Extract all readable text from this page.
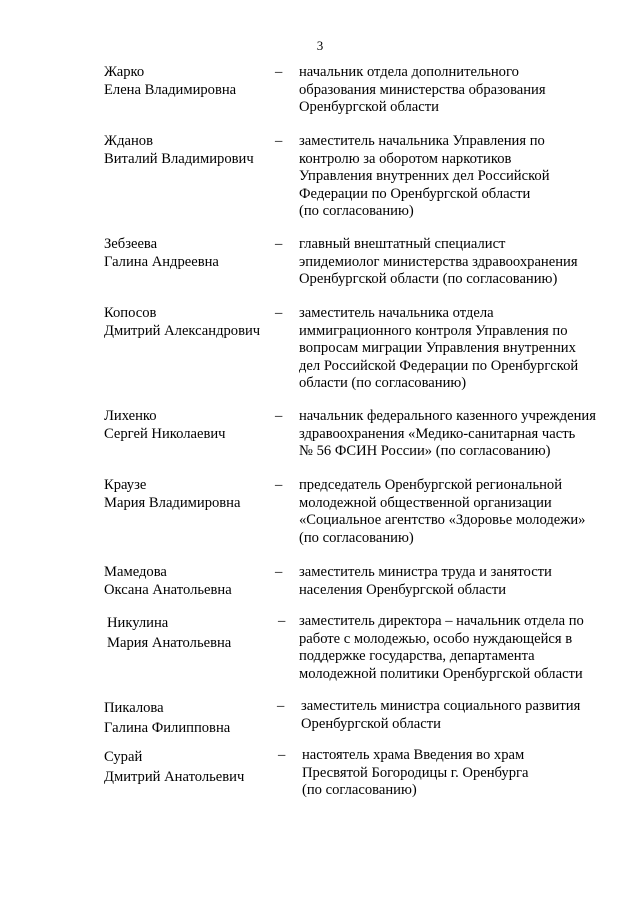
3
Жарко
Елена Владимировна
– начальник отдела дополнительного
образования министерства образования
Оренбургской области
Жданов
Виталий Владимирович
– заместитель начальника Управления по
контролю за оборотом наркотиков
Управления внутренних дел Российской
Федерации по Оренбургской области
(по согласованию)
Зебзеева
Галина Андреевна
– главный внештатный специалист
эпидемиолог министерства здравоохранения
Оренбургской области (по согласованию)
Копосов
Дмитрий Александрович
– заместитель начальника отдела
иммиграционного контроля Управления по
вопросам миграции Управления внутренних
дел Российской Федерации по Оренбургской
области (по согласованию)
Лихенко
Сергей Николаевич
– начальник федерального казенного учреждения
здравоохранения «Медико-санитарная часть
№ 56 ФСИН России» (по согласованию)
Краузе
Мария Владимировна
– председатель Оренбургской региональной
молодежной общественной организации
«Социальное агентство «Здоровье молодежи»
(по согласованию)
Мамедова
Оксана Анатольевна
– заместитель министра труда и занятости
населения Оренбургской области
Никулина
Мария Анатольевна
– заместитель директора – начальник отдела по
работе с молодежью, особо нуждающейся в
поддержке государства, департамента
молодежной политики Оренбургской области
Пикалова
Галина Филипповна
– заместитель министра социального развития
Оренбургской области
Сурай
Дмитрий Анатольевич
– настоятель храма Введения во храм
Пресвятой Богородицы г. Оренбурга
(по согласованию)
